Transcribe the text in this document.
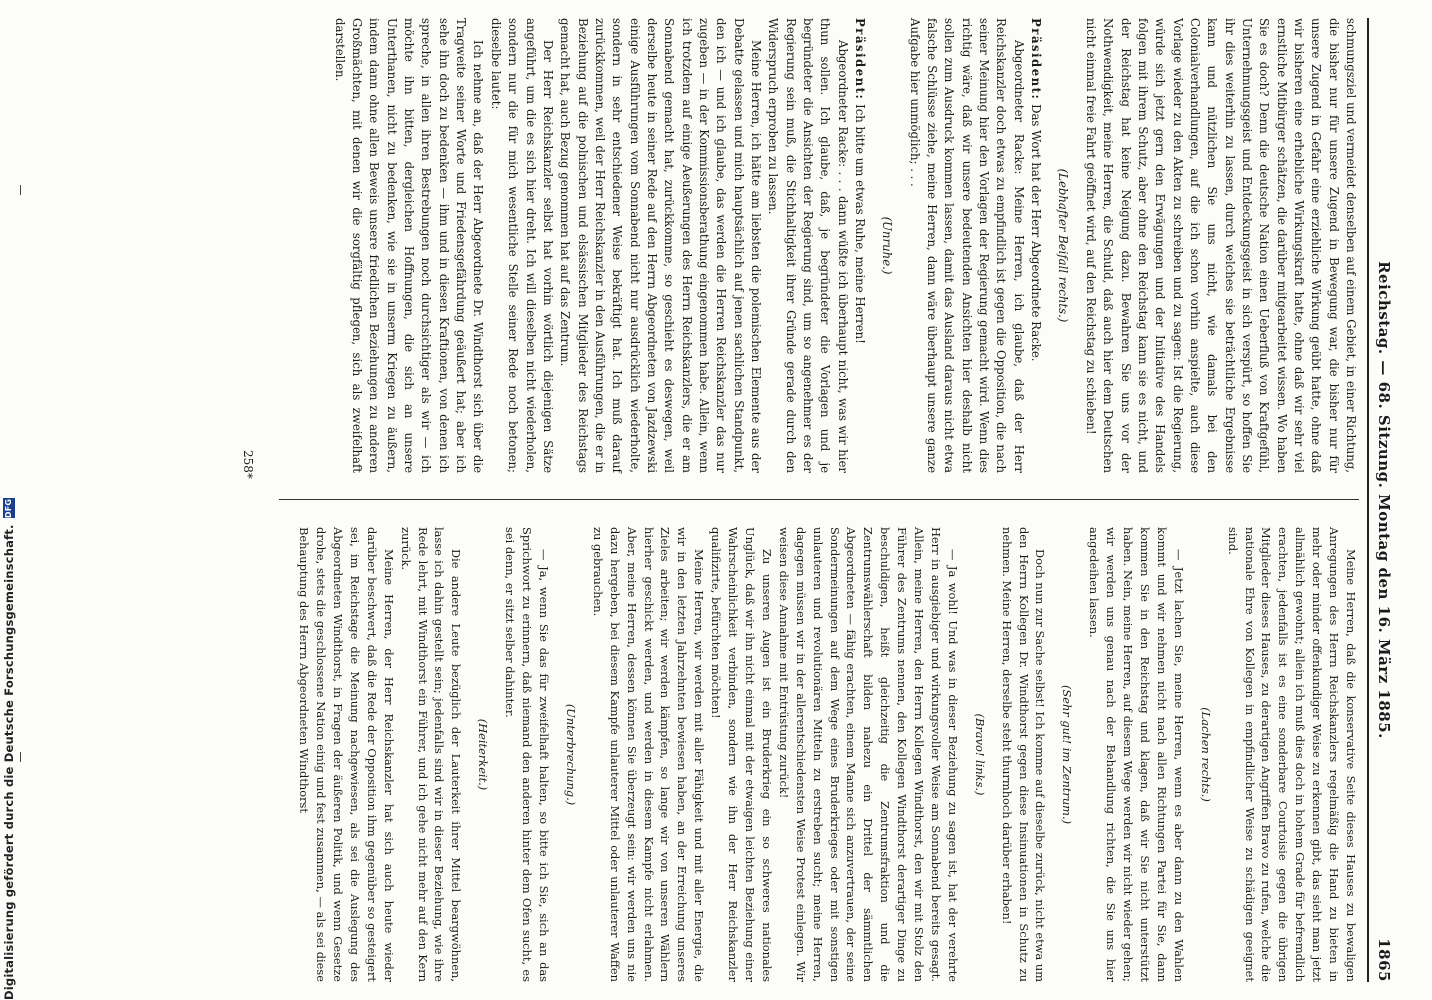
Digitalisierung gefördert durch die Deutsche Forschungsgemeinschaft.
DFG
1865
Reichstag. — 68. Sitzung. Montag den 16. März 1885.

schmungsziel und vermeidet denselben auf einem Gebiet, in einer Richtung, die bisher nur für unsere Zugend in Bewegung war, die bisher nur für unsere Zugend in Gefahr eine erziehliche Wirkung geübt hatte, ohne daß wir bisheren eine erhebliche Wirkungskraft hatte, ohne daß wir sehr viel ernstliche Mitbürger schätzen, die darüber mitgearbeitet wissen. Wo haben Sie es doch? Denn die deutsche Nation einen Ueberfluß von Kraftgefühl, Unternehmungsgeist und Entdeckungsgeist in sich verspürt, so hoffen Sie ihr dies weiterhin zu lassen, durch welches sie beträchtliche Ergebnisse kann und nützlichen Sie uns nicht, wie damals bei den Colonialverhandlungen, auf die ich schon vorhin anspielte, auch diese Vorlage wieder zu den Akten zu schreiben und zu sagen: Ist die Regierung, würde sich jetzt gern den Erwägungen und der Initiative des Handels folgen mit ihrem Schutz, aber ohne den Reichstag kann sie es nicht, und der Reichstag hat keine Neigung dazu. Bewahren Sie uns vor der Nothwendigkeit, meine Herren, die Schuld, daß auch hier dem Deutschen nicht einmal freie Fahrt geöffnet wird, auf den Reichstag zu schieben!

(Lebhafter Beifall rechts.)

Präsident: Das Wort hat der Herr Abgeordnete Racke.

Abgeordneter Racke: Meine Herren, ich glaube, daß der Herr Reichskanzler doch etwas zu empfindlich ist gegen die Opposition, die nach seiner Meinung hier den Vorlagen der Regierung gemacht wird. Wenn dies richtig wäre, daß wir unsere bedeutenden Ansichten hier deshalb nicht sollen zum Ausdruck kommen lassen, damit das Ausland daraus nicht etwa falsche Schlüsse ziehe, meine Herren, dann wäre überhaupt unsere ganze Aufgabe hier unmöglich; . . .

(Unruhe.)

Präsident: Ich bitte um etwas Ruhe, meine Herren!

Abgeordneter Racke: . . . dann wüßte ich überhaupt nicht, was wir hier thun sollen. Ich glaube, daß, je begründeter die Vorlagen und je begründeter die Ansichten der Regierung sind, um so angenehmer es der Regierung sein muß, die Stichhaltigkeit ihrer Gründe gerade durch den Widerspruch erproben zu lassen.

Meine Herren, ich hätte am liebsten die polemischen Elemente aus der Debatte gelassen und mich hauptsächlich auf jenen sachlichen Standpunkt, den ich — und ich glaube, das werden die Herren Reichskanzler das nur zugeben — in der Kommissionsberathung eingenommen habe. Allein, wenn ich trotzdem auf einige Aeußerungen des Herrn Reichskanzlers, die er am Sonnabend gemacht hat, zurückkomme, so geschieht es deswegen, weil derselbe heute in seiner Rede auf den Herrn Abgeordneten von Jazdzewski einige Ausführungen vom Sonnabend nicht nur ausdrücklich wiederholte, sondern in sehr entschiedener Weise bekräftigt hat. Ich muß darauf zurückkommen, weil der Herr Reichskanzler in den Ausführungen, die er in Beziehung auf die polnischen und elsässischen Mitglieder des Reichstags gemacht hat, auch Bezug genommen hat auf das Zentrum.

Der Herr Reichskanzler selbst hat vorhin wörtlich diejenigen Sätze angeführt, um die es sich hier dreht. Ich will dieselben nicht wiederholen, sondern nur die für mich wesentliche Stelle seiner Rede noch betonen; dieselbe lautet:

Ich nehme an, daß der Herr Abgeordnete Dr. Windthorst sich über die Tragweite seiner Worte und Friedensgefährdung geäußert hat; aber ich sehe ihn doch zu bedenken — ihm und in diesen Kraftionen, von denen ich spreche, in allen ihren Bestrebungen noch durchsichtiger als wir — ich möchte ihn bitten, dergleichen Hoffnungen, die sich an unsere Unterthanen, nicht zu bedenken, wie sie in unserm Kriegen zu äußern, indem dann ohne allen Beweis unsere friedlichen Beziehungen zu anderen Großmächten, mit denen wir die sorgfältig pflegen, sich als zweifelhaft darstellen.

Meine Herren, daß die konservative Seite dieses Hauses zu bewaligen Anregungen des Herrn Reichskanzlers regelmäßig die Hand zu bieten in mehr oder minder offenkundiger Weise zu erkennen gibt, das sieht man jetzt allmählich gewohnt; allein ich muß dies doch in hohem Grade für befremdlich erachten, jedenfalls ist es eine sonderbare Courtoisie gegen die übrigen Mitglieder dieses Hauses, zu derartigen Angriffen Bravo zu rufen, welche die nationale Ehre von Kollegen in empfindlicher Weise zu schädigen geeignet sind.

(Lachen rechts.)

— Jetzt lachen Sie, meine Herren, wenn es aber dann zu den Wahlen kommt und wir nehmen nicht nach allen Richtungen Partei für Sie, dann kommen Sie in den Reichstag und klagen, daß wir Sie nicht unterstützt haben. Nein, meine Herren, auf diesem Wege werden wir nicht wieder gehen; wir werden uns genau nach der Behandlung richten, die Sie uns hier angedeihen lassen.

(Sehr gut! im Zentrum.)

Doch nun zur Sache selbst! Ich komme auf dieselbe zurück, nicht etwa um den Herrn Kollegen Dr. Windthorst gegen diese Insinuationen in Schutz zu nehmen. Meine Herren, derselbe steht thurmhoch darüber erhaben!

(Bravo! links.)

— Ja wohl! Und was in dieser Beziehung zu sagen ist, hat der verehrte Herr in ausgiebiger und wirkungsvoller Weise am Sonnabend bereits gesagt. Allein, meine Herren, den Herrn Kollegen Windthorst, den wir mit Stolz den Führer des Zentrums nennen, den Kollegen Windthorst derartiger Dinge zu beschuldigen, heißt gleichzeitig die Zentrumsfraktion und die Zentrumswählerschaft bilden nahezu ein Drittel der sämmtlichen Abgeordneten — fähig erachten, einem Manne sich anzuvertrauen, der seine Sondermeinungen auf dem Wege eines Bruderkrieges oder mit sonstigen unlauteren und revolutionären Mitteln zu erstreben sucht; meine Herren, dagegen müssen wir in der allerentschiedensten Weise Protest einlegen. Wir weisen diese Annahme mit Entrüstung zurück!

Zu unseren Augen ist ein Bruderkrieg ein so schweres nationales Unglück, daß wir ihn nicht einmal mit der etwaigen leichten Beziehung einer Wahrscheinlichkeit verbinden, sondern wie ihn der Herr Reichskanzler qualifizirte, befürchten möchten!

Meine Herren, wir werden mit aller Fähigkeit und mit aller Energie, die wir in den letzten Jahrzehnten bewiesen haben, an der Erreichung unseres Zieles arbeiten; wir werden kämpfen, so lange wir von unseren Wählern hierher geschickt werden, und werden in diesem Kampfe nicht erlahmen. Aber, meine Herren, dessen können Sie überzeugt sein: wir werden uns nie dazu hergeben, bei diesem Kampfe unlauterer Mittel oder unlauterer Waffen zu gebrauchen.

(Unterbrechung.)

— Ja, wenn Sie das für zweifelhaft halten, so bitte ich Sie, sich an das Sprichwort zu erinnern, daß niemand den anderen hinter dem Ofen sucht, es sei denn, er sitzt selber dahinter.

(Heiterkeit.)

Die andere Leute bezüglich der Lauterkeit ihrer Mittel beargwöhnen, lasse ich dahin gestellt sein; jedenfalls sind wir in dieser Beziehung, wie ihre Rede lehrt, mit Windthorst ein Führer, und ich gehe nicht mehr auf den Kern zurück.

Meine Herren, der Herr Reichskanzler hat sich auch heute wieder darüber beschwert, daß die Rede der Opposition ihm gegenüber so gesteigert sei, im Reichstage die Meinung nachgewiesen, als sei die Auslegung des Abgeordneten Windthorst, in Fragen der äußeren Politik, und wenn Gesetze drohe, stets die geschlossene Nation einig und fest zusammen, — als sei diese Behauptung des Herrn Abgeordneten Windthorst

258*
